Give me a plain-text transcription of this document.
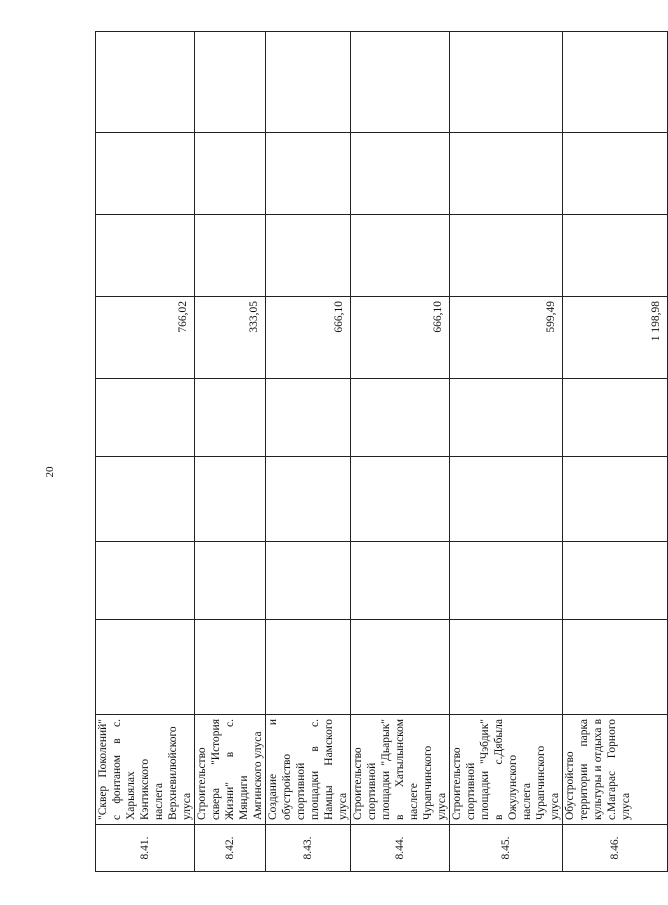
20
8.41.	"Сквер Поколений" с фонтаном в с. Харыялах Кэнтикского наслега Верхневилюйского улуса					766,02			
8.42.	Строительство сквера "История Жизни" в с. Мяндиги Амгинского улуса					333,05			
8.43.	Создание и обустройство спортивной площадки в с. Намцы Намского улуса					666,10			
8.44.	Строительство спортивной площадки "Дьарык" в Хатылынском наслеге Чурапчинского улуса					666,10			
8.45.	Строительство спортивной площадки "Чэбдик" в с.Дябыла Ожулунского наслега Чурапчинского улуса					599,49			
8.46.	Обустройство территории парка культуры и отдыха в с.Магарас Горного улуса					1 198,98			
